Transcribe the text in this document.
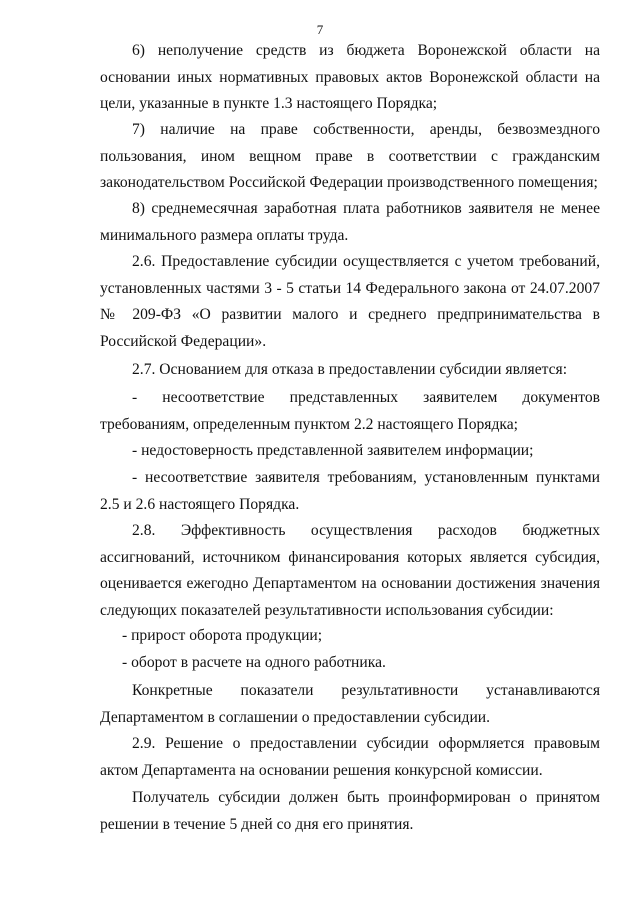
7

6) неполучение средств из бюджета Воронежской области на основании иных нормативных правовых актов Воронежской области на цели, указанные в пункте 1.3 настоящего Порядка;

7) наличие на праве собственности, аренды, безвозмездного пользования, ином вещном праве в соответствии с гражданским законодательством Российской Федерации производственного помещения;

8) среднемесячная заработная плата работников заявителя не менее минимального размера оплаты труда.

2.6. Предоставление субсидии осуществляется с учетом требований, установленных частями 3 - 5 статьи 14 Федерального закона от 24.07.2007 № 209-ФЗ «О развитии малого и среднего предпринимательства в Российской Федерации».

2.7. Основанием для отказа в предоставлении субсидии является:

- несоответствие представленных заявителем документов требованиям, определенным пунктом 2.2 настоящего Порядка;

- недостоверность представленной заявителем информации;

- несоответствие заявителя требованиям, установленным пунктами 2.5 и 2.6 настоящего Порядка.

2.8. Эффективность осуществления расходов бюджетных ассигнований, источником финансирования которых является субсидия, оценивается ежегодно Департаментом на основании достижения значения следующих показателей результативности использования субсидии:

- прирост оборота продукции;

- оборот в расчете на одного работника.

Конкретные показатели результативности устанавливаются Департаментом в соглашении о предоставлении субсидии.

2.9. Решение о предоставлении субсидии оформляется правовым актом Департамента на основании решения конкурсной комиссии.

Получатель субсидии должен быть проинформирован о принятом решении в течение 5 дней со дня его принятия.
